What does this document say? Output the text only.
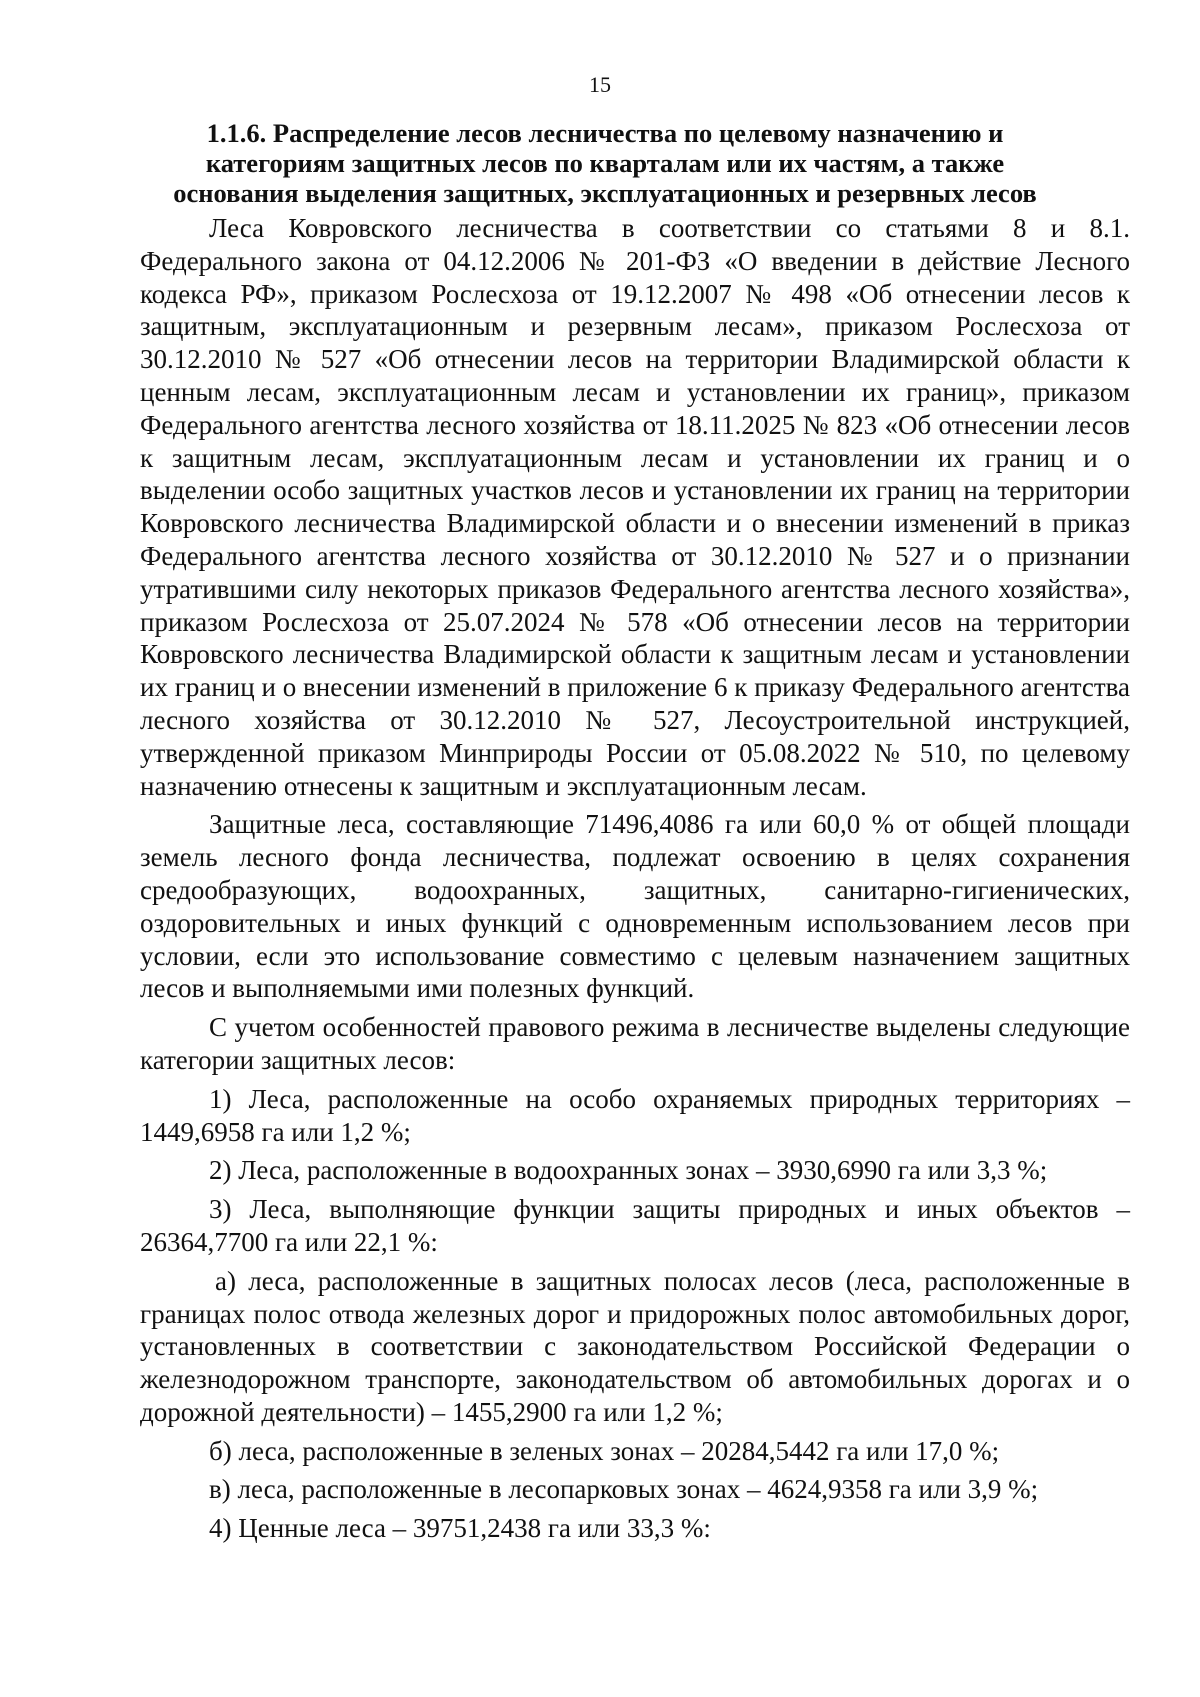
15
1.1.6. Распределение лесов лесничества по целевому назначению и
категориям защитных лесов по кварталам или их частям, а также
основания выделения защитных, эксплуатационных и резервных лесов

Леса Ковровского лесничества в соответствии со статьями 8 и 8.1. Федерального закона от 04.12.2006 № 201-ФЗ «О введении в действие Лесного кодекса РФ», приказом Рослесхоза от 19.12.2007 № 498 «Об отнесении лесов к защитным, эксплуатационным и резервным лесам», приказом Рослесхоза от 30.12.2010 № 527 «Об отнесении лесов на территории Владимирской области к ценным лесам, эксплуатационным лесам и установлении их границ», приказом Федерального агентства лесного хозяйства от 18.11.2025 № 823 «Об отнесении лесов к защитным лесам, эксплуатационным лесам и установлении их границ и о выделении особо защитных участков лесов и установлении их границ на территории Ковровского лесничества Владимирской области и о внесении изменений в приказ Федерального агентства лесного хозяйства от 30.12.2010 № 527 и о признании утратившими силу некоторых приказов Федерального агентства лесного хозяйства», приказом Рослесхоза от 25.07.2024 № 578 «Об отнесении лесов на территории Ковровского лесничества Владимирской области к защитным лесам и установлении их границ и о внесении изменений в приложение 6 к приказу Федерального агентства лесного хозяйства от 30.12.2010 № 527, Лесоустроительной инструкцией, утвержденной приказом Минприроды России от 05.08.2022 № 510, по целевому назначению отнесены к защитным и эксплуатационным лесам.

Защитные леса, составляющие 71496,4086 га или 60,0 % от общей площади земель лесного фонда лесничества, подлежат освоению в целях сохранения средообразующих, водоохранных, защитных, санитарно-гигиенических, оздоровительных и иных функций с одновременным использованием лесов при условии, если это использование совместимо с целевым назначением защитных лесов и выполняемыми ими полезных функций.

С учетом особенностей правового режима в лесничестве выделены следующие категории защитных лесов:

1) Леса, расположенные на особо охраняемых природных территориях – 1449,6958 га или 1,2 %;

2) Леса, расположенные в водоохранных зонах – 3930,6990 га или 3,3 %;

3) Леса, выполняющие функции защиты природных и иных объектов – 26364,7700 га или 22,1 %:

а) леса, расположенные в защитных полосах лесов (леса, расположенные в границах полос отвода железных дорог и придорожных полос автомобильных дорог, установленных в соответствии с законодательством Российской Федерации о железнодорожном транспорте, законодательством об автомобильных дорогах и о дорожной деятельности) – 1455,2900 га или 1,2 %;

б) леса, расположенные в зеленых зонах – 20284,5442 га или 17,0 %;

в) леса, расположенные в лесопарковых зонах – 4624,9358 га или 3,9 %;

4) Ценные леса – 39751,2438 га или 33,3 %:
